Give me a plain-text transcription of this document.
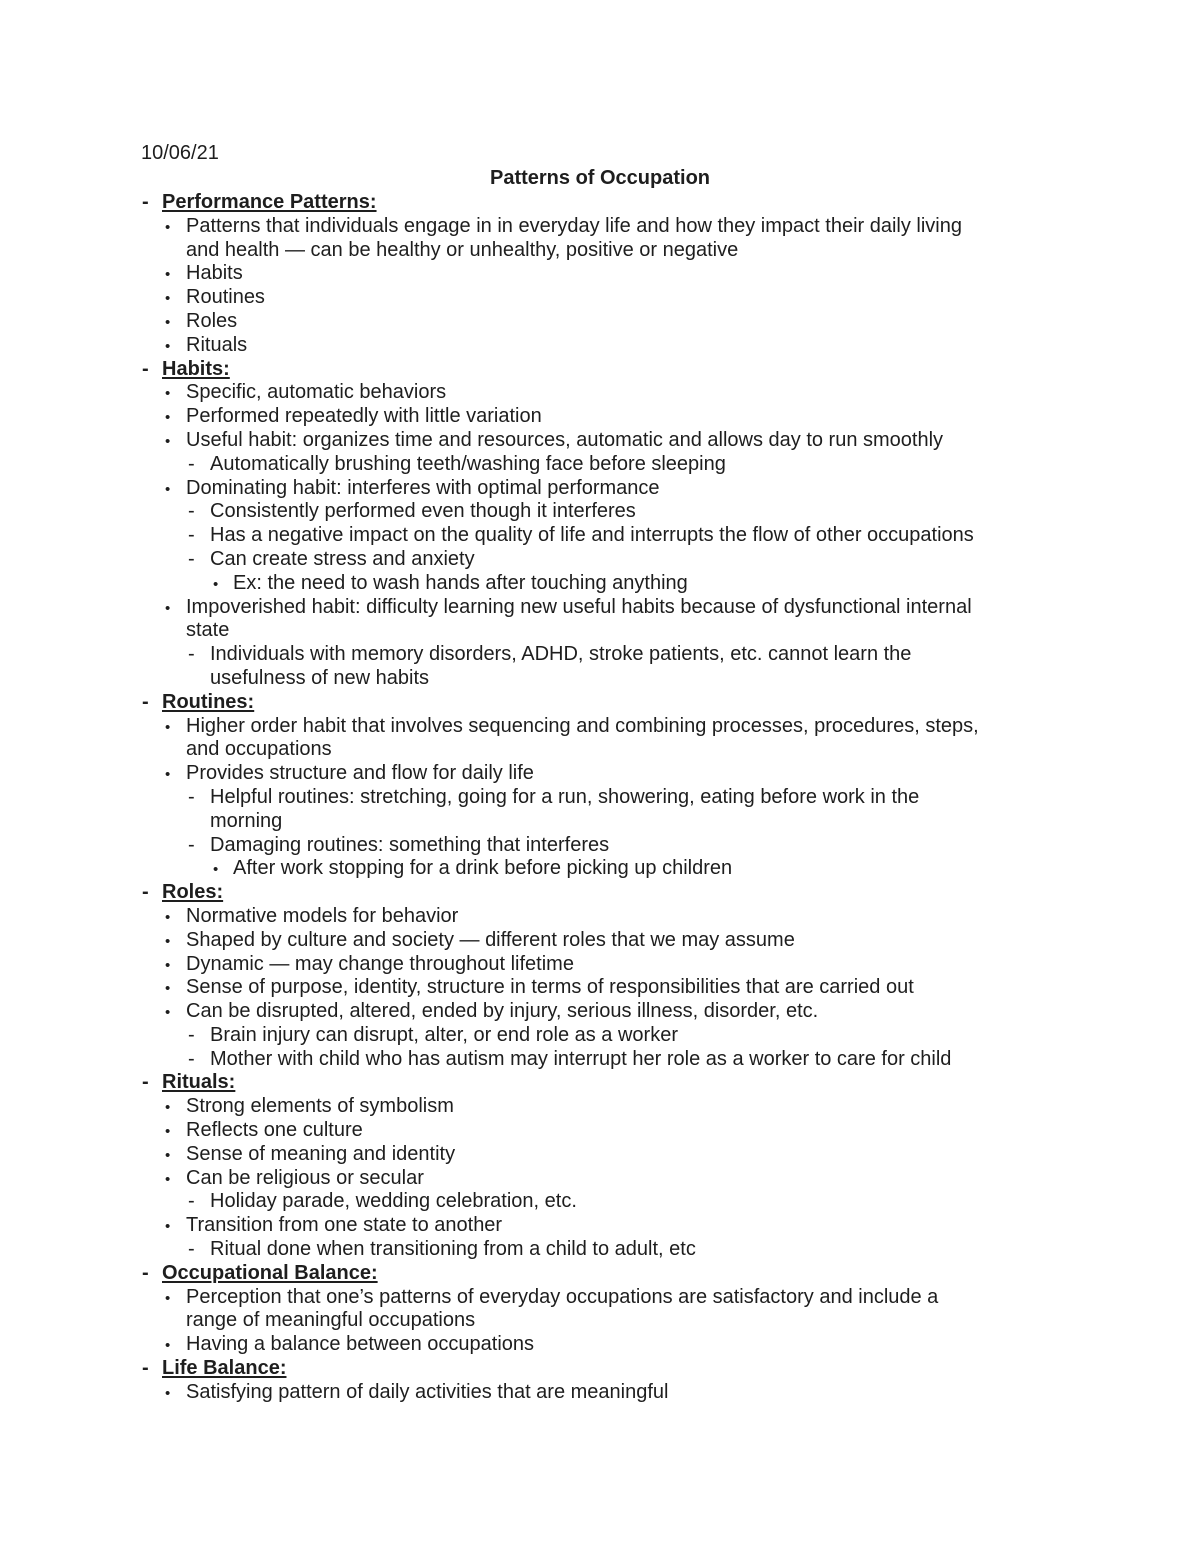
10/06/21
Patterns of Occupation
- Performance Patterns:
• Patterns that individuals engage in in everyday life and how they impact their daily living
and health — can be healthy or unhealthy, positive or negative
• Habits
• Routines
• Roles
• Rituals
- Habits:
• Specific, automatic behaviors
• Performed repeatedly with little variation
• Useful habit: organizes time and resources, automatic and allows day to run smoothly
- Automatically brushing teeth/washing face before sleeping
• Dominating habit: interferes with optimal performance
- Consistently performed even though it interferes
- Has a negative impact on the quality of life and interrupts the flow of other occupations
- Can create stress and anxiety
• Ex: the need to wash hands after touching anything
• Impoverished habit: difficulty learning new useful habits because of dysfunctional internal
state
- Individuals with memory disorders, ADHD, stroke patients, etc. cannot learn the
usefulness of new habits
- Routines:
• Higher order habit that involves sequencing and combining processes, procedures, steps,
and occupations
• Provides structure and flow for daily life
- Helpful routines: stretching, going for a run, showering, eating before work in the
morning
- Damaging routines: something that interferes
• After work stopping for a drink before picking up children
- Roles:
• Normative models for behavior
• Shaped by culture and society — different roles that we may assume
• Dynamic — may change throughout lifetime
• Sense of purpose, identity, structure in terms of responsibilities that are carried out
• Can be disrupted, altered, ended by injury, serious illness, disorder, etc.
- Brain injury can disrupt, alter, or end role as a worker
- Mother with child who has autism may interrupt her role as a worker to care for child
- Rituals:
• Strong elements of symbolism
• Reflects one culture
• Sense of meaning and identity
• Can be religious or secular
- Holiday parade, wedding celebration, etc.
• Transition from one state to another
- Ritual done when transitioning from a child to adult, etc
- Occupational Balance:
• Perception that one’s patterns of everyday occupations are satisfactory and include a
range of meaningful occupations
• Having a balance between occupations
- Life Balance:
• Satisfying pattern of daily activities that are meaningful
